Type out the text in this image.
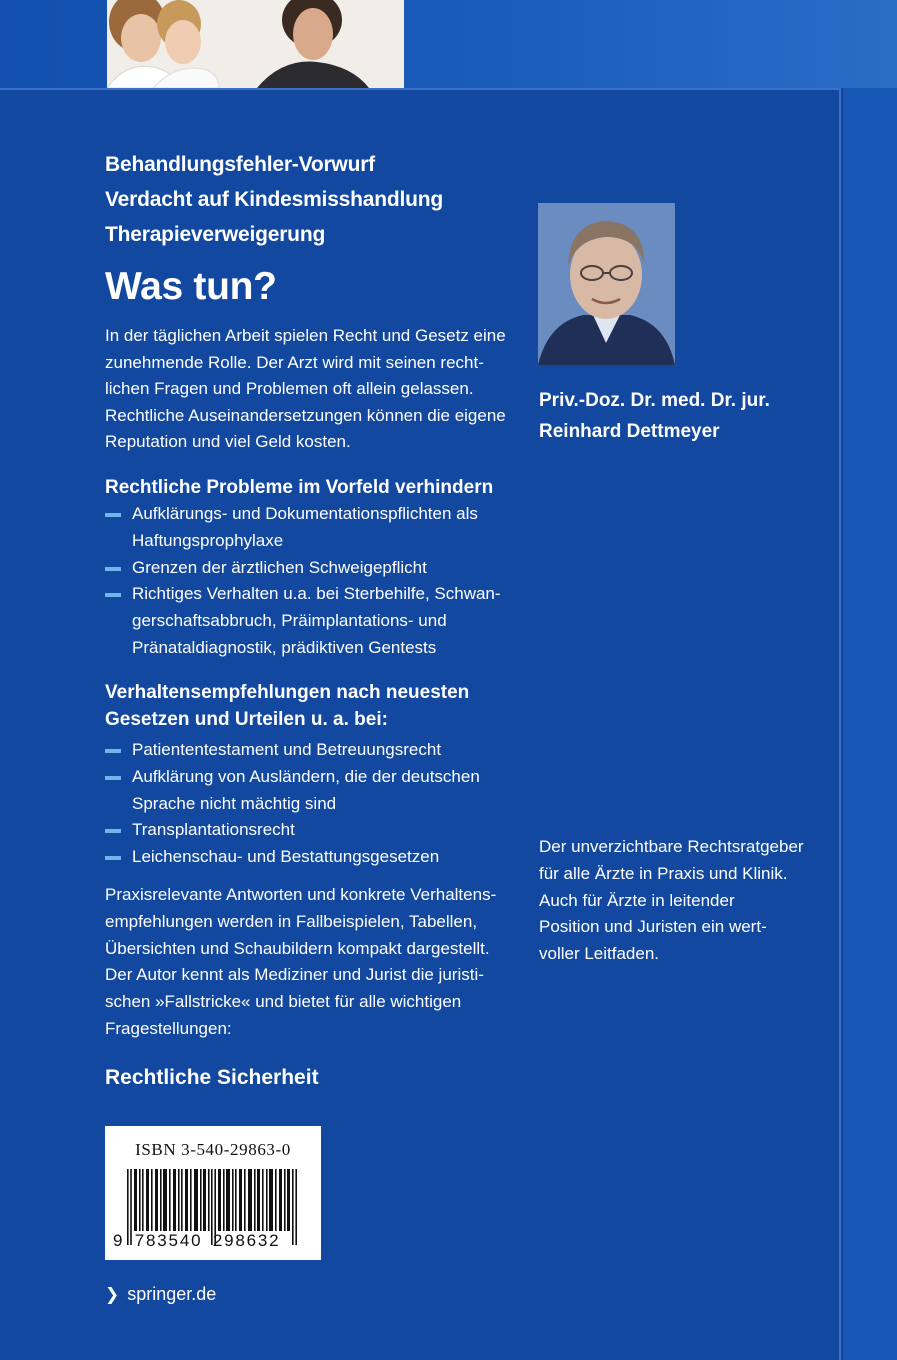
Behandlungsfehler-Vorwurf
Verdacht auf Kindesmisshandlung
Therapieverweigerung
Was tun?
In der täglichen Arbeit spielen Recht und Gesetz eine
zunehmende Rolle. Der Arzt wird mit seinen recht-
lichen Fragen und Problemen oft allein gelassen.
Rechtliche Auseinandersetzungen können die eigene
Reputation und viel Geld kosten.
Rechtliche Probleme im Vorfeld verhindern
Aufklärungs- und Dokumentationspflichten als
Haftungsprophylaxe
Grenzen der ärztlichen Schweigepflicht
Richtiges Verhalten u.a. bei Sterbehilfe, Schwan-
gerschaftsabbruch, Präimplantations- und
Pränataldiagnostik, prädiktiven Gentests
Verhaltensempfehlungen nach neuesten
Gesetzen und Urteilen u. a. bei:
Patiententestament und Betreuungsrecht
Aufklärung von Ausländern, die der deutschen
Sprache nicht mächtig sind
Transplantationsrecht
Leichenschau- und Bestattungsgesetzen
Praxisrelevante Antworten und konkrete Verhaltens-
empfehlungen werden in Fallbeispielen, Tabellen,
Übersichten und Schaubildern kompakt dargestellt.
Der Autor kennt als Mediziner und Jurist die juristi-
schen »Fallstricke« und bietet für alle wichtigen
Fragestellungen:
Rechtliche Sicherheit
ISBN 3-540-29863-0
9 783540 298632
❯ springer.de
Priv.-Doz. Dr. med. Dr. jur.
Reinhard Dettmeyer
Der unverzichtbare Rechtsratgeber
für alle Ärzte in Praxis und Klinik.
Auch für Ärzte in leitender
Position und Juristen ein wert-
voller Leitfaden.
